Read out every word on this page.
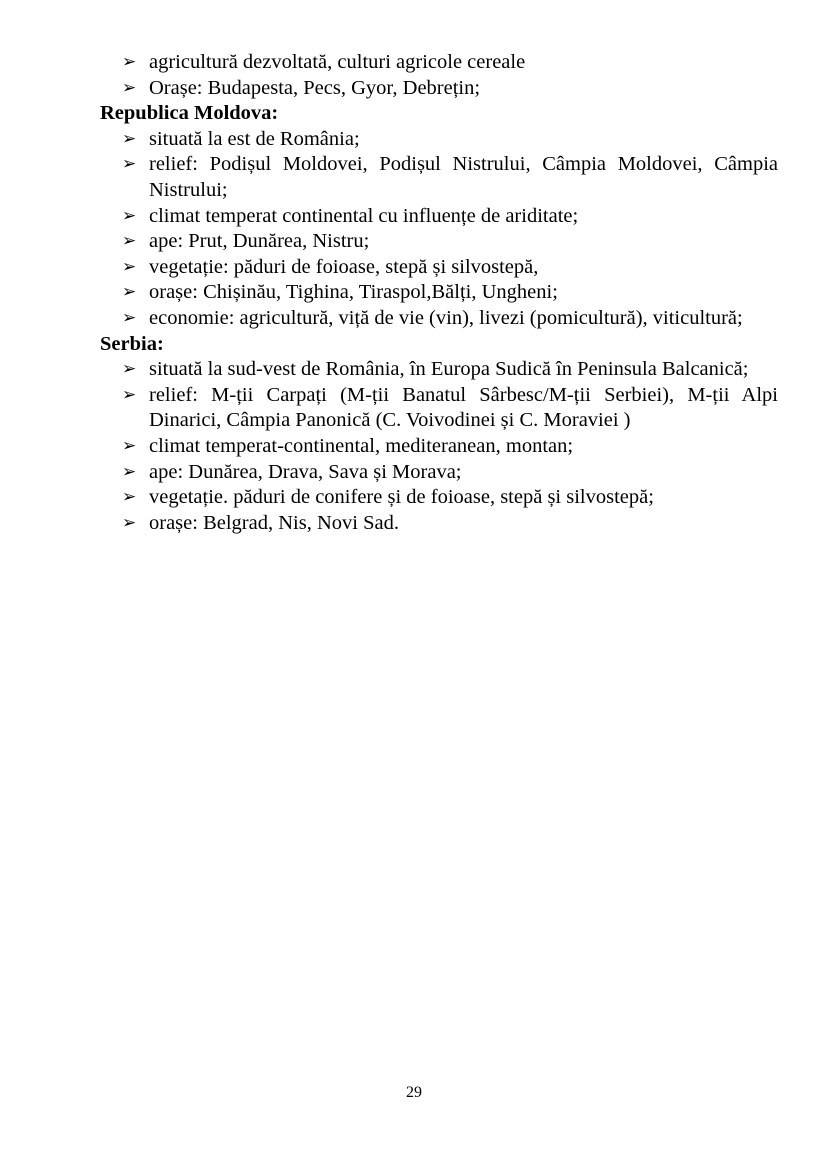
➢ agricultură dezvoltată, culturi agricole cereale
➢ Orașe: Budapesta, Pecs, Gyor, Debrețin;

Republica Moldova:

➢ situată la est de România;
➢ relief: Podișul Moldovei, Podișul Nistrului, Câmpia Moldovei, Câmpia Nistrului;
➢ climat temperat continental cu influențe de ariditate;
➢ ape: Prut, Dunărea, Nistru;
➢ vegetație: păduri de foioase, stepă și silvostepă,
➢ orașe: Chișinău, Tighina, Tiraspol,Bălți, Ungheni;
➢ economie: agricultură, viță de vie (vin), livezi (pomicultură), viticultură;

Serbia:

➢ situată la sud-vest de România, în Europa Sudică în Peninsula Balcanică;
➢ relief: M-ții Carpați (M-ții Banatul Sârbesc/M-ții Serbiei), M-ții Alpi Dinarici, Câmpia Panonică (C. Voivodinei și C. Moraviei )
➢ climat temperat-continental, mediteranean, montan;
➢ ape: Dunărea, Drava, Sava și Morava;
➢ vegetație. păduri de conifere și de foioase, stepă și silvostepă;
➢ orașe: Belgrad, Nis, Novi Sad.
29
